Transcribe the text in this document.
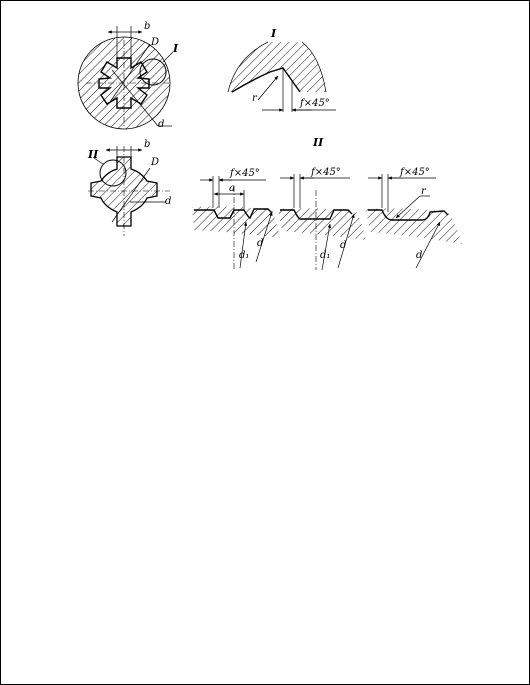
b
D
d
I
I
r	f×45°
II
b
D
d
II
f×45°
a
d₁
d
f×45°
d₁
d
f×45°
r
d
